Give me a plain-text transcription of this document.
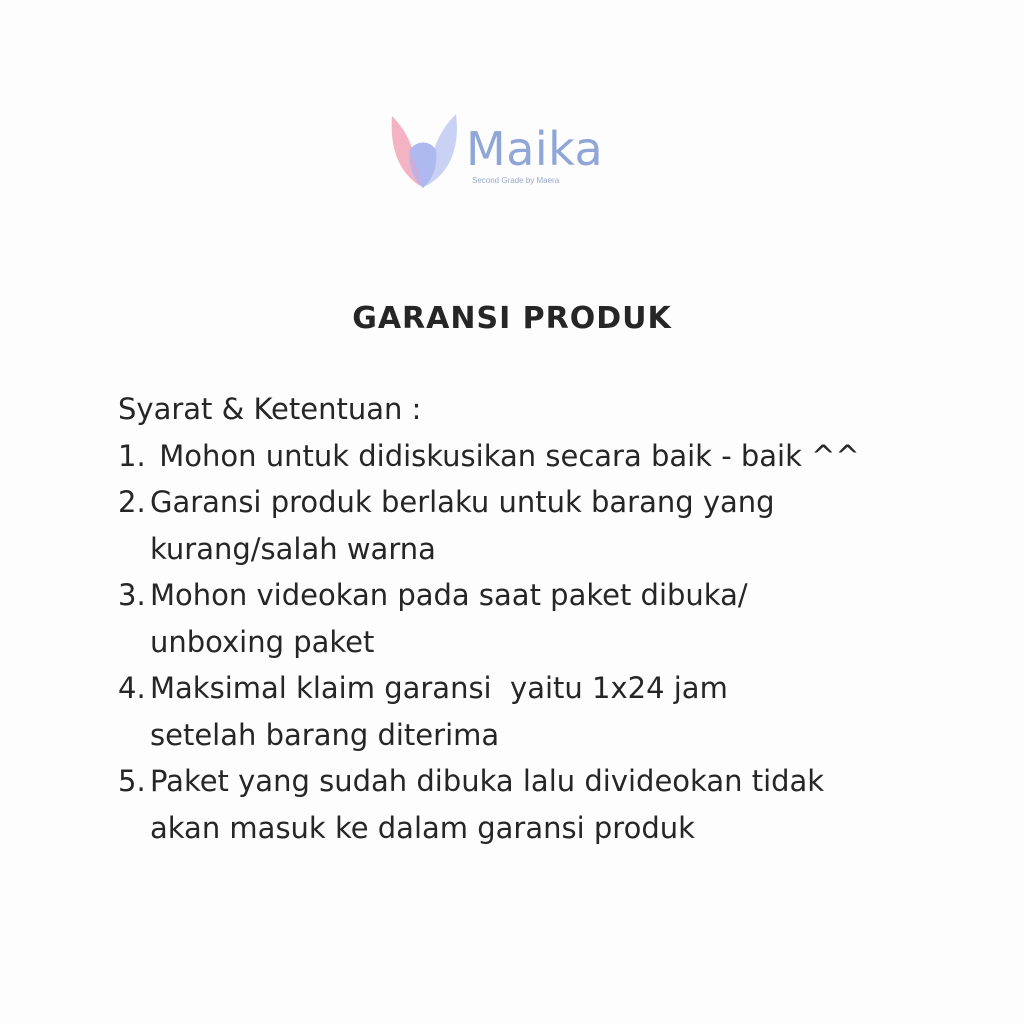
Maika
Second Grade by Maera
GARANSI PRODUK

Syarat & Ketentuan :

1. Mohon untuk didiskusikan secara baik - baik ^^
2. Garansi produk berlaku untuk barang yang
kurang/salah warna
3. Mohon videokan pada saat paket dibuka/
unboxing paket
4. Maksimal klaim garansi  yaitu 1x24 jam
setelah barang diterima
5. Paket yang sudah dibuka lalu divideokan tidak
akan masuk ke dalam garansi produk
